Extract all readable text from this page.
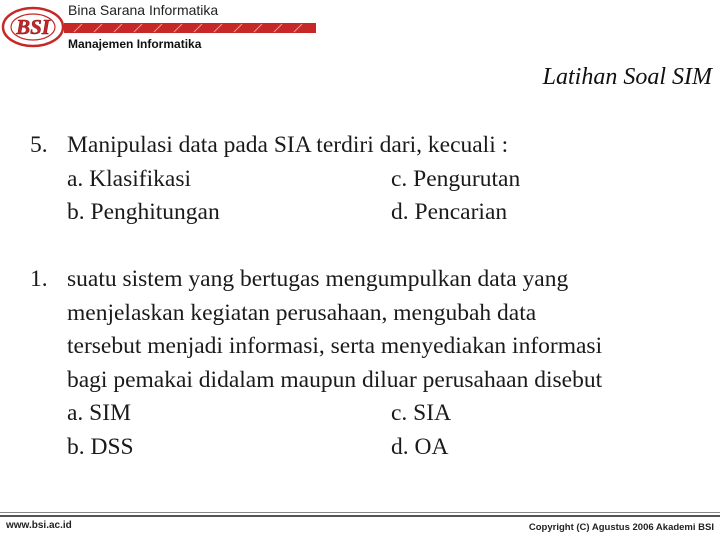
BSI
Bina Sarana Informatika
Manajemen Informatika
Latihan Soal SIM
5. Manipulasi data pada SIA terdiri dari, kecuali :
a. Klasifikasi	c. Pengurutan
b. Penghitungan	d. Pencarian
1. suatu sistem yang bertugas mengumpulkan data yang
menjelaskan kegiatan perusahaan, mengubah data
tersebut menjadi informasi, serta menyediakan informasi
bagi pemakai didalam maupun diluar perusahaan disebut
a. SIM	c. SIA
b. DSS	d. OA
www.bsi.ac.id	Copyright (C) Agustus 2006 Akademi BSI
